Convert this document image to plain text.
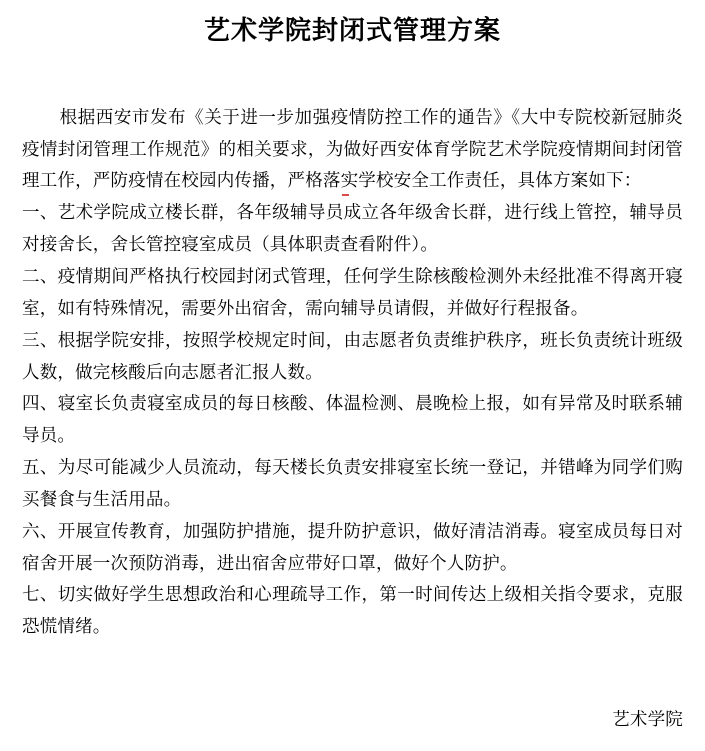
艺术学院封闭式管理方案

根据西安市发布《关于进一步加强疫情防控工作的通告》《大中专院校新冠肺炎疫情封闭管理工作规范》的相关要求，为做好西安体育学院艺术学院疫情期间封闭管理工作，严防疫情在校园内传播，严格落实学校安全工作责任，具体方案如下：

一、艺术学院成立楼长群，各年级辅导员成立各年级舍长群，进行线上管控，辅导员对接舍长，舍长管控寝室成员（具体职责查看附件）。

二、疫情期间严格执行校园封闭式管理，任何学生除核酸检测外未经批准不得离开寝室，如有特殊情况，需要外出宿舍，需向辅导员请假，并做好行程报备。

三、根据学院安排，按照学校规定时间，由志愿者负责维护秩序，班长负责统计班级人数，做完核酸后向志愿者汇报人数。

四、寝室长负责寝室成员的每日核酸、体温检测、晨晚检上报，如有异常及时联系辅导员。

五、为尽可能减少人员流动，每天楼长负责安排寝室长统一登记，并错峰为同学们购买餐食与生活用品。

六、开展宣传教育，加强防护措施，提升防护意识，做好清洁消毒。寝室成员每日对宿舍开展一次预防消毒，进出宿舍应带好口罩，做好个人防护。

七、切实做好学生思想政治和心理疏导工作，第一时间传达上级相关指令要求，克服恐慌情绪。

艺术学院
